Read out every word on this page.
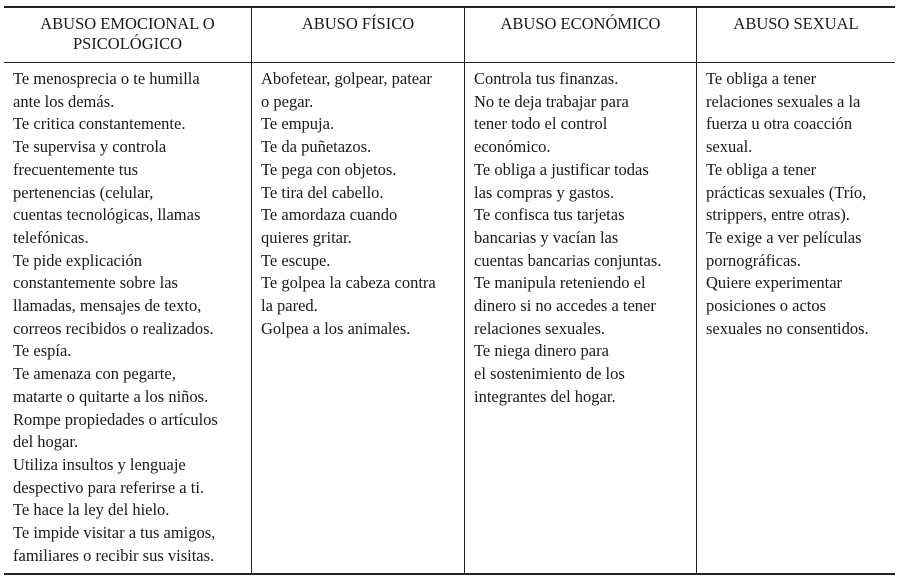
ABUSO EMOCIONAL O
PSICOLÓGICO
Te menosprecia o te humilla
ante los demás.
Te critica constantemente.
Te supervisa y controla
frecuentemente tus
pertenencias (celular,
cuentas tecnológicas, llamas
telefónicas.
Te pide explicación
constantemente sobre las
llamadas, mensajes de texto,
correos recibidos o realizados.
Te espía.
Te amenaza con pegarte,
matarte o quitarte a los niños.
Rompe propiedades o artículos
del hogar.
Utiliza insultos y lenguaje
despectivo para referirse a ti.
Te hace la ley del hielo.
Te impide visitar a tus amigos,
familiares o recibir sus visitas.
ABUSO FÍSICO
Abofetear, golpear, patear
o pegar.
Te empuja.
Te da puñetazos.
Te pega con objetos.
Te tira del cabello.
Te amordaza cuando
quieres gritar.
Te escupe.
Te golpea la cabeza contra
la pared.
Golpea a los animales.
ABUSO ECONÓMICO
Controla tus finanzas.
No te deja trabajar para
tener todo el control
económico.
Te obliga a justificar todas
las compras y gastos.
Te confisca tus tarjetas
bancarias y vacían las
cuentas bancarias conjuntas.
Te manipula reteniendo el
dinero si no accedes a tener
relaciones sexuales.
Te niega dinero para
el sostenimiento de los
integrantes del hogar.
ABUSO SEXUAL
Te obliga a tener
relaciones sexuales a la
fuerza u otra coacción
sexual.
Te obliga a tener
prácticas sexuales (Trío,
strippers, entre otras).
Te exige a ver películas
pornográficas.
Quiere experimentar
posiciones o actos
sexuales no consentidos.
